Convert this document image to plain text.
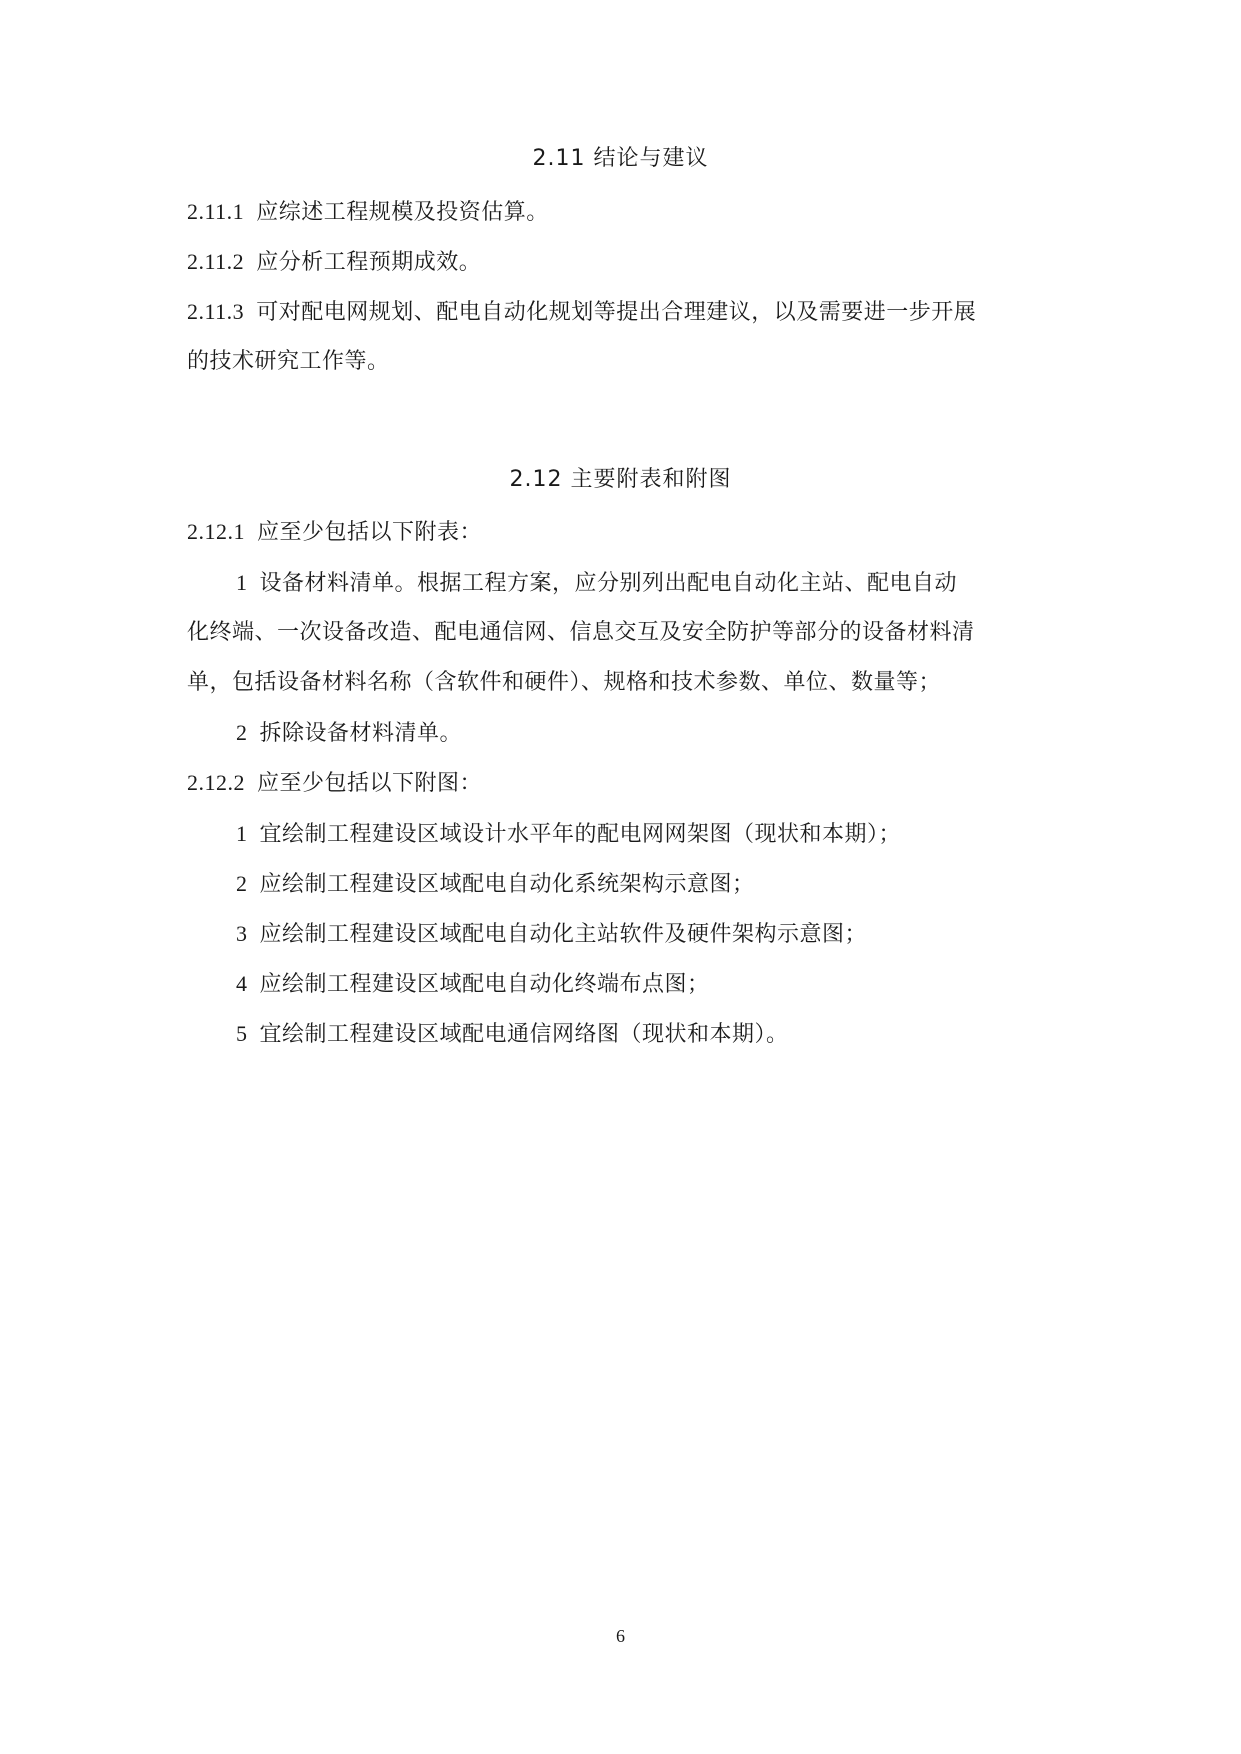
2.11 结论与建议
2.11.1 应综述工程规模及投资估算。
2.11.2 应分析工程预期成效。
2.11.3 可对配电网规划、配电自动化规划等提出合理建议，以及需要进一步开展
的技术研究工作等。
2.12 主要附表和附图
2.12.1 应至少包括以下附表：
1 设备材料清单。根据工程方案，应分别列出配电自动化主站、配电自动
化终端、一次设备改造、配电通信网、信息交互及安全防护等部分的设备材料清
单，包括设备材料名称（含软件和硬件）、规格和技术参数、单位、数量等；
2 拆除设备材料清单。
2.12.2 应至少包括以下附图：
1 宜绘制工程建设区域设计水平年的配电网网架图（现状和本期）；
2 应绘制工程建设区域配电自动化系统架构示意图；
3 应绘制工程建设区域配电自动化主站软件及硬件架构示意图；
4 应绘制工程建设区域配电自动化终端布点图；
5 宜绘制工程建设区域配电通信网络图（现状和本期）。
6
